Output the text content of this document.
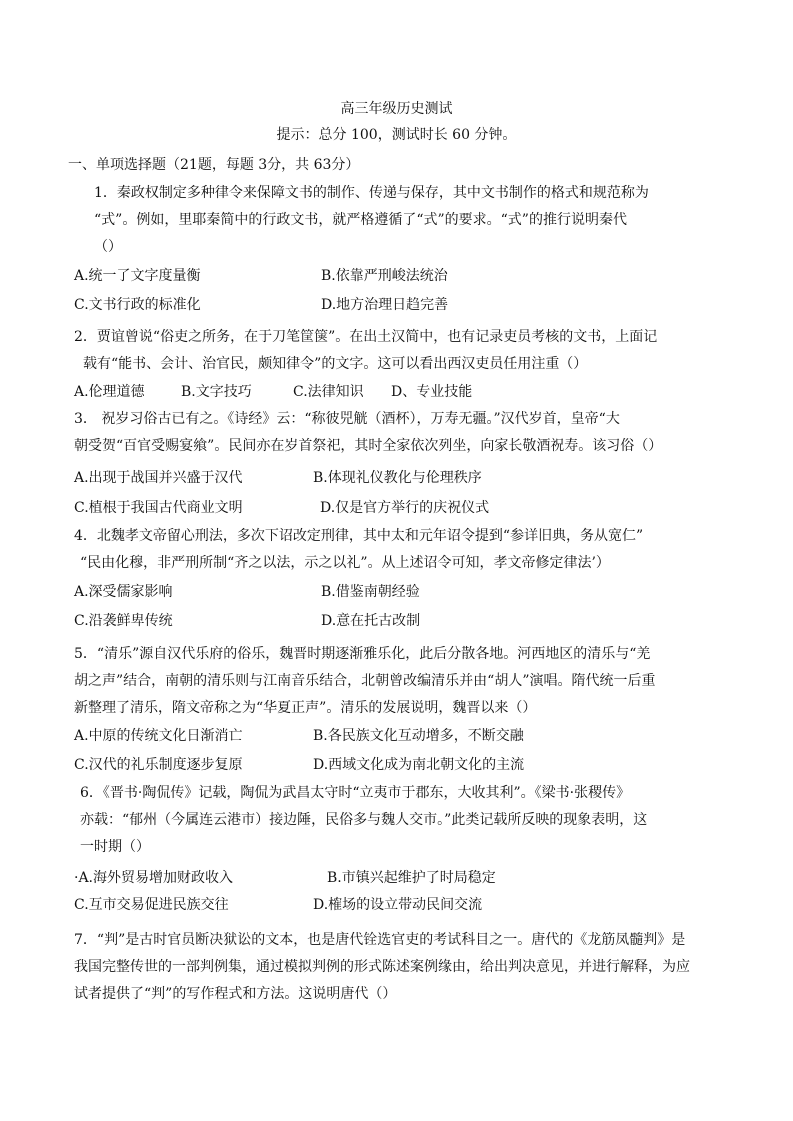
高三年级历史测试
提示：总分 100，测试时长 60 分钟。
一、单项选择题（21题，每题 3分，共 63分）
1．秦政权制定多种律令来保障文书的制作、传递与保存，其中文书制作的格式和规范称为
“式”。例如，里耶秦简中的行政文书，就严格遵循了“式”的要求。“式”的推行说明秦代
（）
A.统一了文字度量衡	B.依靠严刑峻法统治
C.文书行政的标准化	D.地方治理日趋完善
2．贾谊曾说“俗吏之所务，在于刀笔筐箧”。在出土汉简中，也有记录吏员考核的文书，上面记
载有“能书、会计、治官民，颇知律令”的文字。这可以看出西汉吏员任用注重（）
A.伦理道德	B.文字技巧	C.法律知识 D、专业技能
3． 祝岁习俗古已有之。《诗经》云：“称彼兕觥（酒杯），万寿无疆。”汉代岁首，皇帝“大
朝受贺“百官受赐宴飨”。民间亦在岁首祭祀，其时全家依次列坐，向家长敬酒祝寿。该习俗（）
A.出现于战国并兴盛于汉代	B.体现礼仪教化与伦理秩序
C.植根于我国古代商业文明	D.仅是官方举行的庆祝仪式
4．北魏孝文帝留心刑法，多次下诏改定刑律，其中太和元年诏令提到“参详旧典，务从宽仁”
“民由化穆，非严刑所制“齐之以法，示之以礼”。从上述诏令可知，孝文帝修定律法’）
A.深受儒家影响	B.借鉴南朝经验
C.沿袭鲜卑传统	D.意在托古改制
5．“清乐”源自汉代乐府的俗乐，魏晋时期逐渐雅乐化，此后分散各地。河西地区的清乐与“羌
胡之声”结合，南朝的清乐则与江南音乐结合，北朝曾改编清乐并由“胡人”演唱。隋代统一后重
新整理了清乐，隋文帝称之为“华夏正声”。清乐的发展说明，魏晋以来（）
A.中原的传统文化日渐消亡	B.各民族文化互动增多，不断交融
C.汉代的礼乐制度逐步复原	D.西域文化成为南北朝文化的主流
6．《晋书·陶侃传》记载，陶侃为武昌太守时“立夷市于郡东，大收其利”。《梁书·张稷传》
亦载：“郁州（今属连云港市）接边陲，民俗多与魏人交市。”此类记载所反映的现象表明，这
一时期（）
·A.海外贸易增加财政收入	B.市镇兴起维护了时局稳定
C.互市交易促进民族交往	D.榷场的设立带动民间交流
7．“判”是古时官员断决狱讼的文本，也是唐代铨选官吏的考试科目之一。唐代的《龙筋凤髓判》是
我国完整传世的一部判例集，通过模拟判例的形式陈述案例缘由，给出判决意见，并进行解释，为应
试者提供了“判”的写作程式和方法。这说明唐代（）
